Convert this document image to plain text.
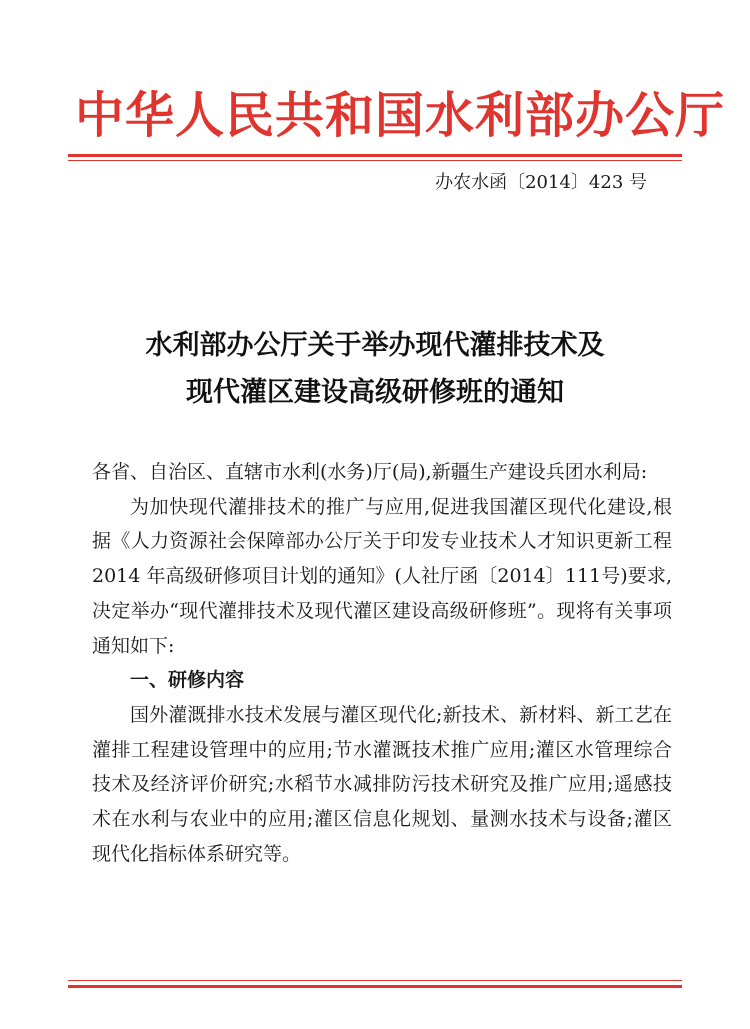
中华人民共和国水利部办公厅
办农水函〔2014〕423 号
水利部办公厅关于举办现代灌排技术及
现代灌区建设高级研修班的通知

各省、自治区、直辖市水利(水务)厅(局),新疆生产建设兵团水利局:

为加快现代灌排技术的推广与应用,促进我国灌区现代化建设,根据《人力资源社会保障部办公厅关于印发专业技术人才知识更新工程 2014 年高级研修项目计划的通知》(人社厅函〔2014〕111号)要求,决定举办“现代灌排技术及现代灌区建设高级研修班”。现将有关事项通知如下:

一、研修内容

国外灌溉排水技术发展与灌区现代化;新技术、新材料、新工艺在灌排工程建设管理中的应用;节水灌溉技术推广应用;灌区水管理综合技术及经济评价研究;水稻节水减排防污技术研究及推广应用;遥感技术在水利与农业中的应用;灌区信息化规划、量测水技术与设备;灌区现代化指标体系研究等。
